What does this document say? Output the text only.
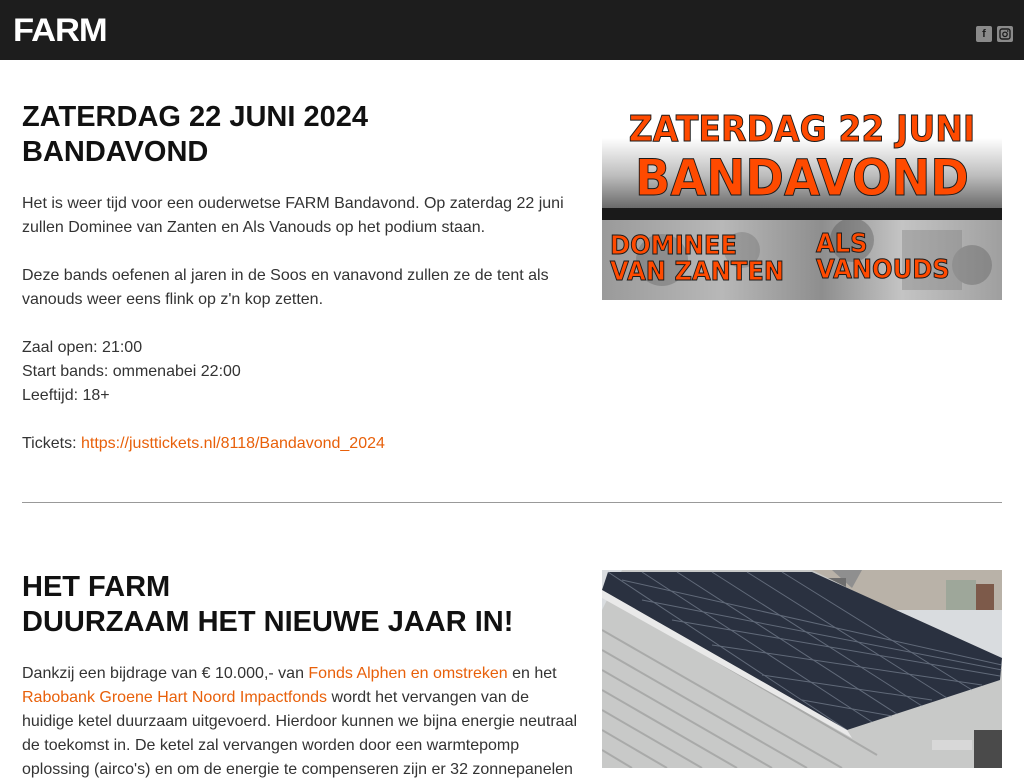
FARM	f
ZATERDAG 22 JUNI 2024
BANDAVOND

Het is weer tijd voor een ouderwetse FARM Bandavond. Op zaterdag 22 juni zullen Dominee van Zanten en Als Vanouds op het podium staan.

Deze bands oefenen al jaren in de Soos en vanavond zullen ze de tent als vanouds weer eens flink op z'n kop zetten.

Zaal open: 21:00
Start bands: ommenabei 22:00
Leeftijd: 18+

Tickets: https://justtickets.nl/8118/Bandavond_2024

ZATERDAG 22 JUNI
BANDAVOND
DOMINEE
VAN ZANTEN
ALS
VANOUDS
HET FARM
DUURZAAM HET NIEUWE JAAR IN!

Dankzij een bijdrage van € 10.000,- van Fonds Alphen en omstreken en het Rabobank Groene Hart Noord Impactfonds wordt het vervangen van de huidige ketel duurzaam uitgevoerd. Hierdoor kunnen we bijna energie neutraal de toekomst in. De ketel zal vervangen worden door een warmtepomp oplossing (airco's) en om de energie te compenseren zijn er 32 zonnepanelen
